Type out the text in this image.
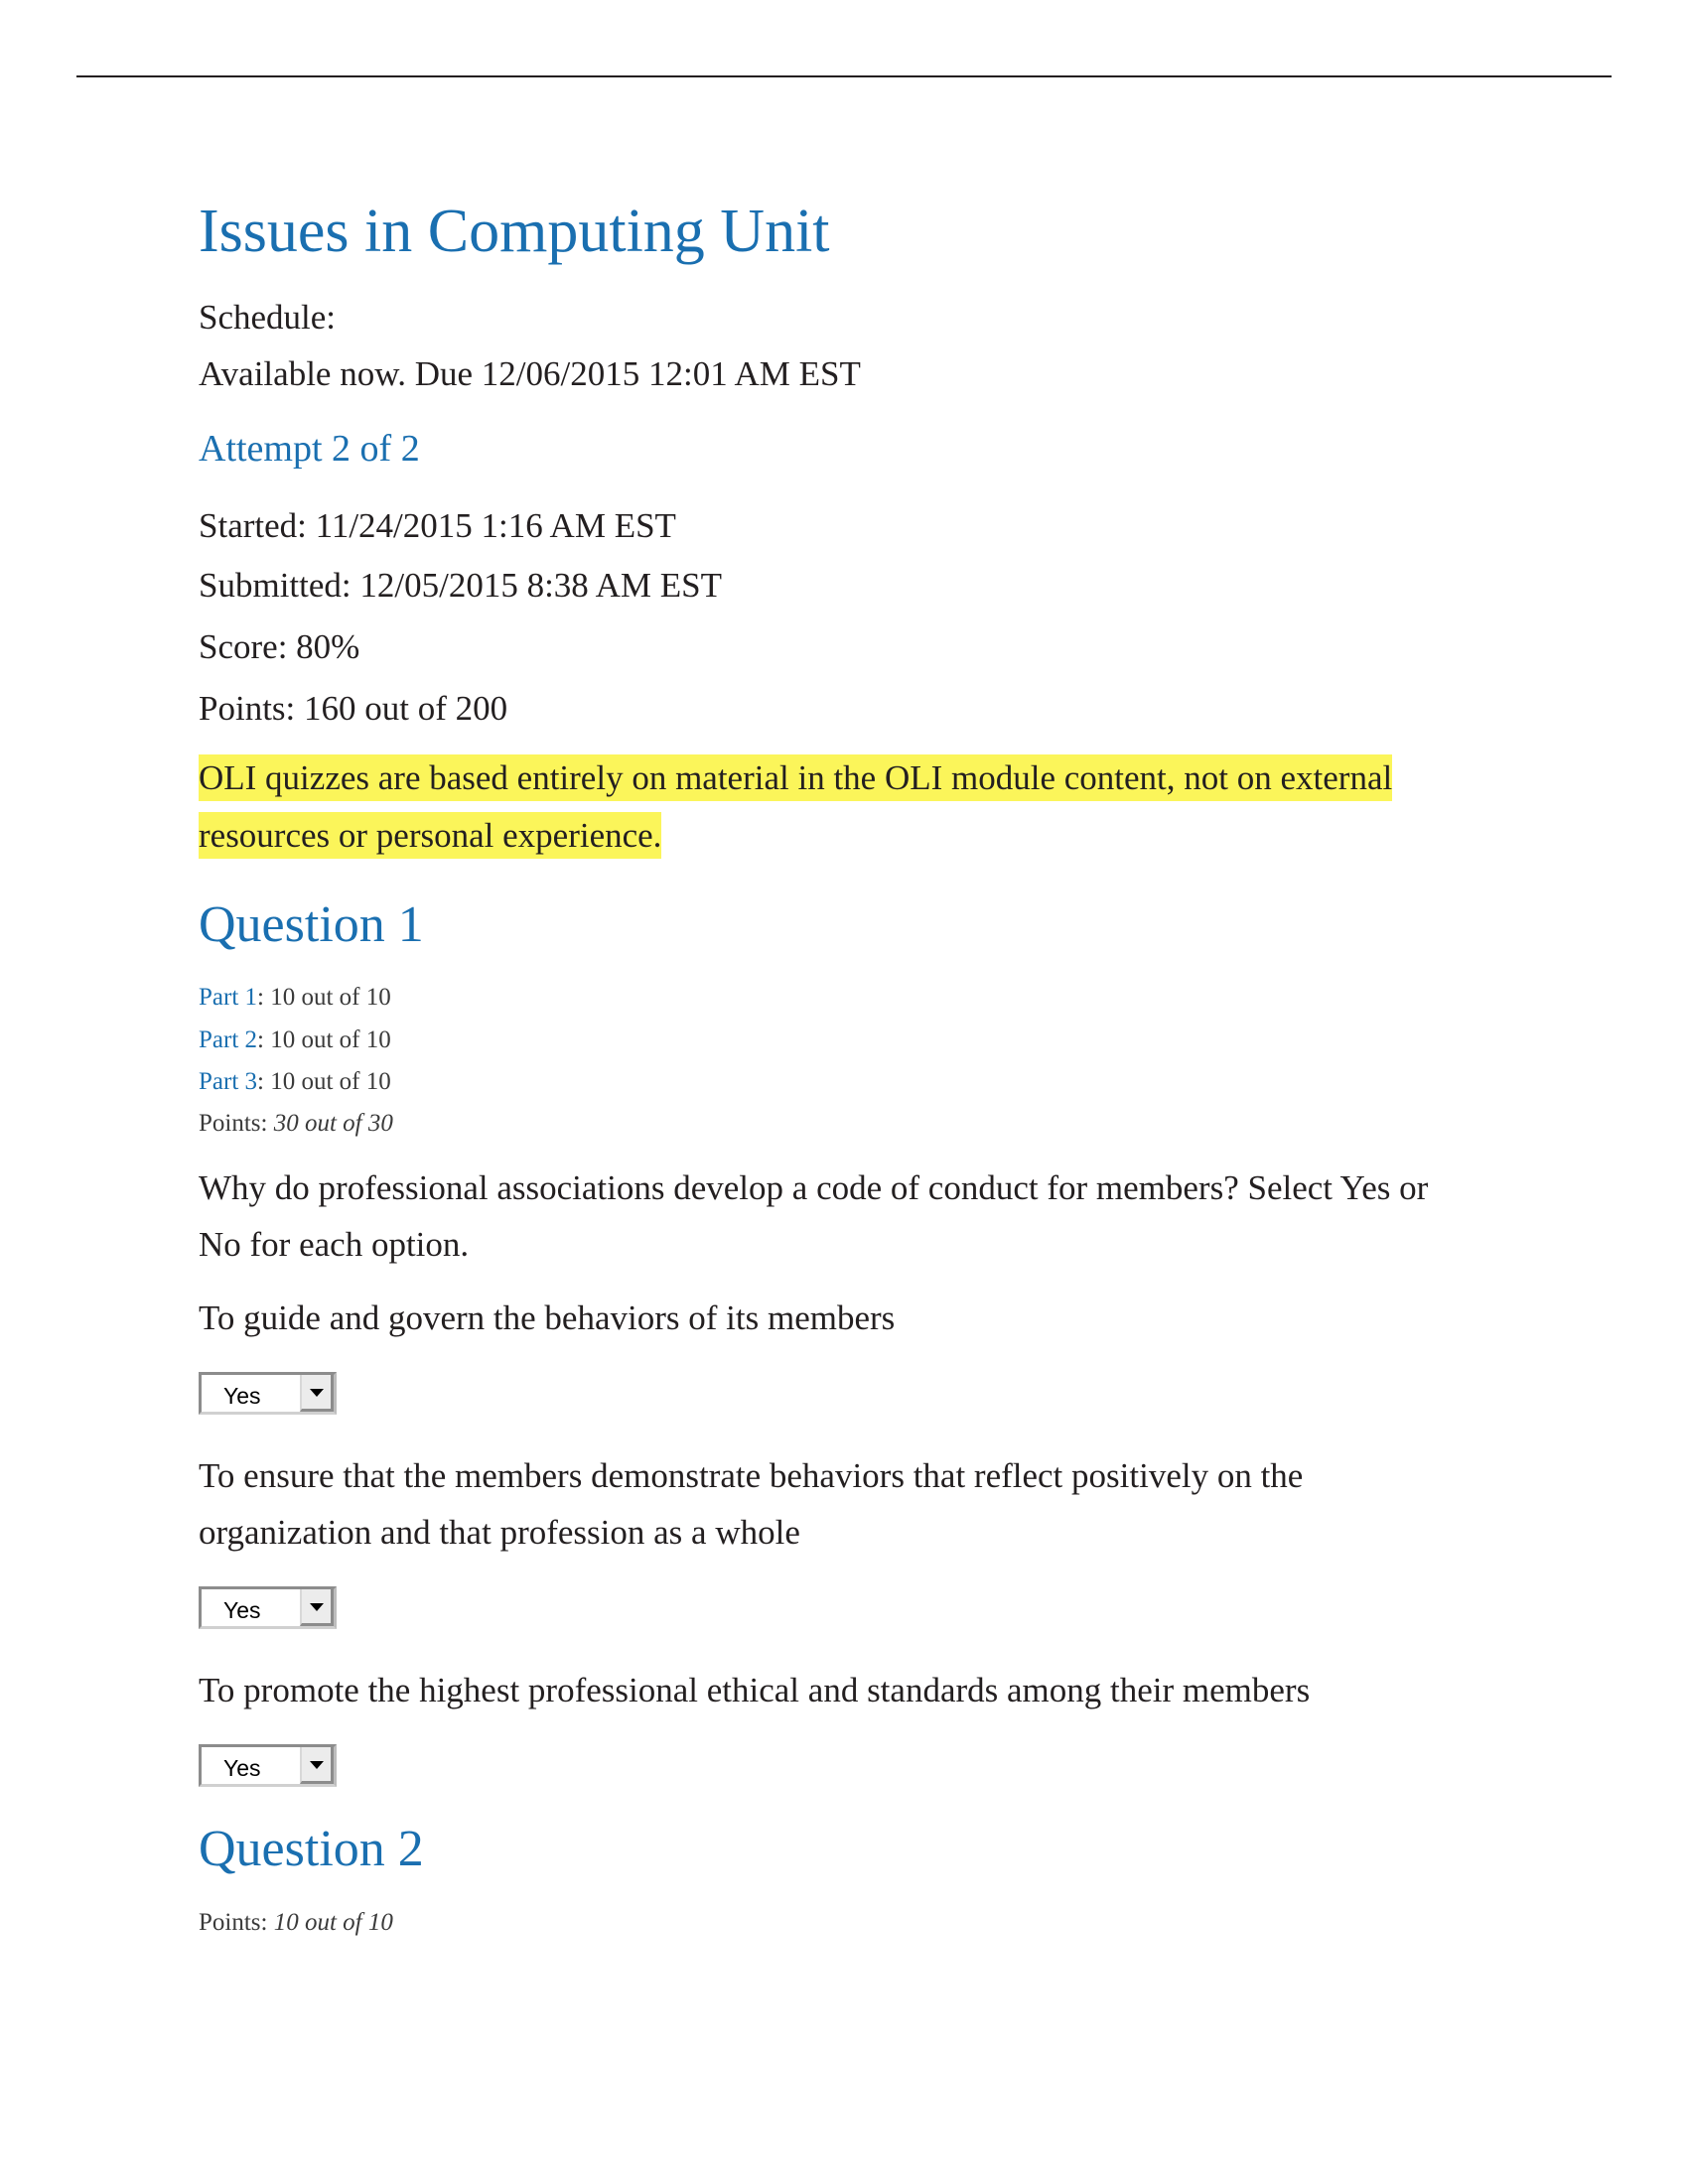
Issues in Computing Unit
Schedule:
Available now. Due 12/06/2015 12:01 AM EST
Attempt 2 of 2
Started: 11/24/2015 1:16 AM EST
Submitted: 12/05/2015 8:38 AM EST
Score: 80%
Points: 160 out of 200
OLI quizzes are based entirely on material in the OLI module content, not on external
resources or personal experience.
Question 1
Part 1: 10 out of 10
Part 2: 10 out of 10
Part 3: 10 out of 10
Points: 30 out of 30
Why do professional associations develop a code of conduct for members? Select Yes or
No for each option.
To guide and govern the behaviors of its members
Yes
To ensure that the members demonstrate behaviors that reflect positively on the
organization and that profession as a whole
Yes
To promote the highest professional ethical and standards among their members
Yes
Question 2
Points: 10 out of 10
